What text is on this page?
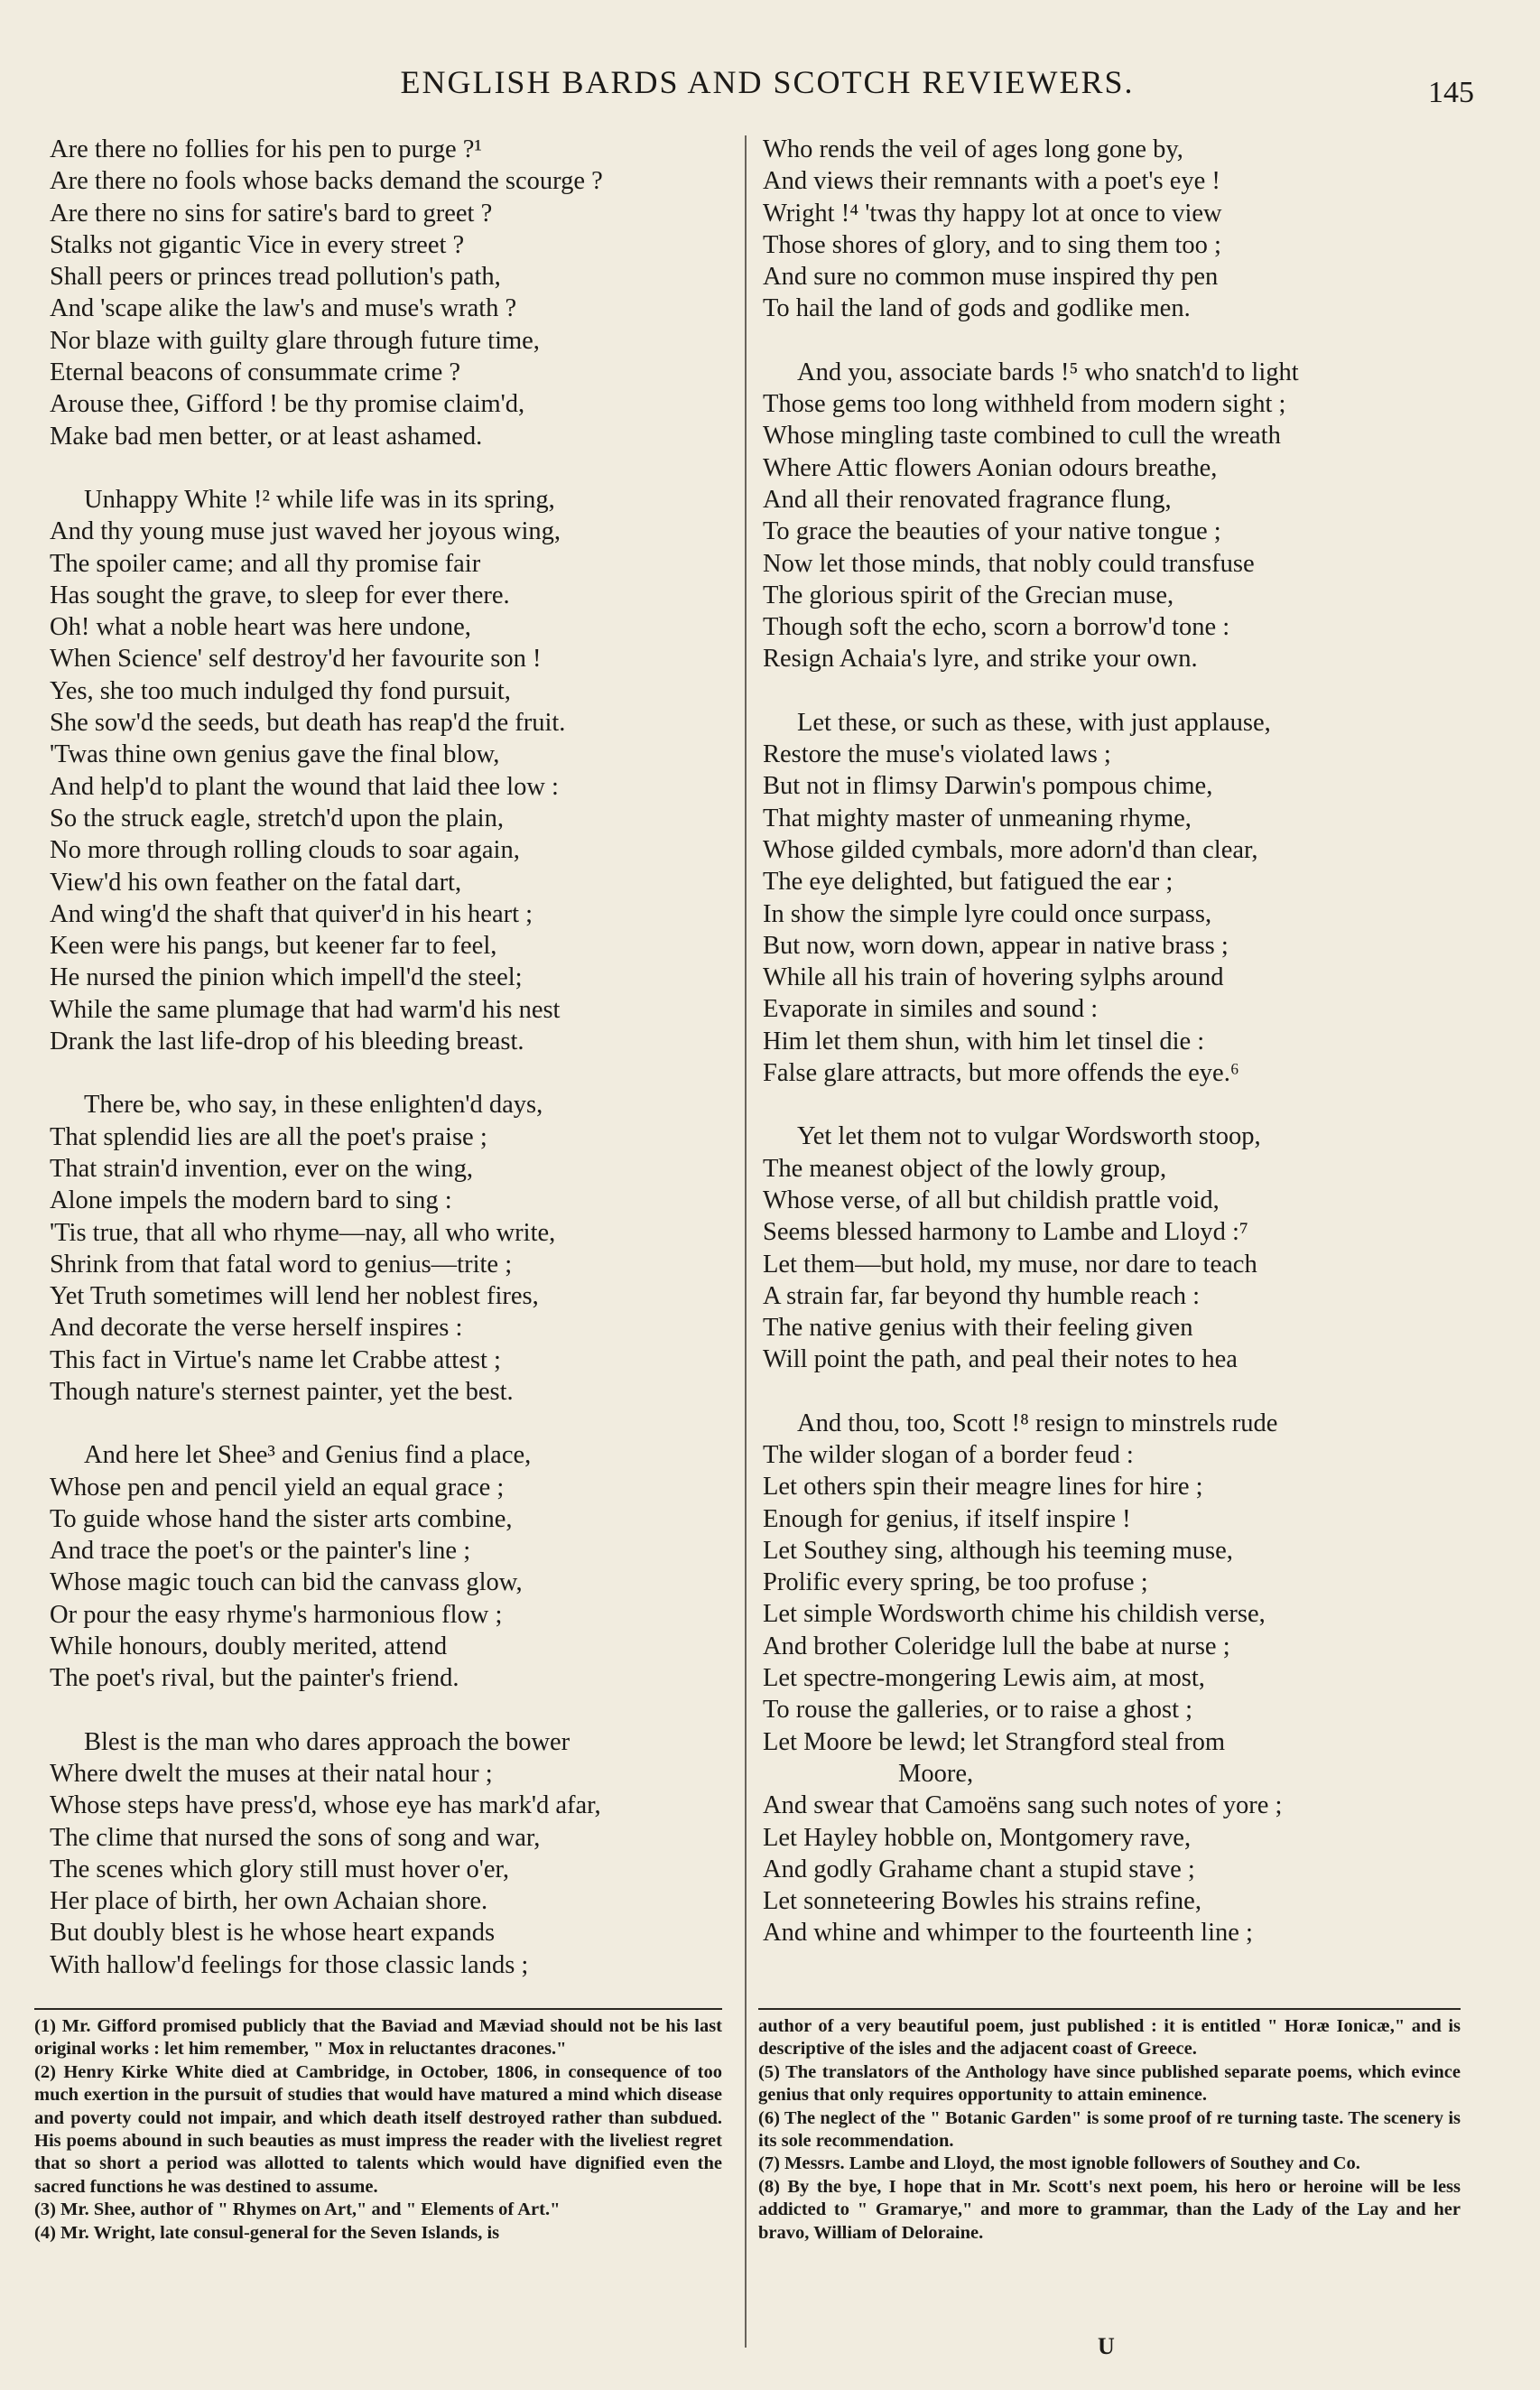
ENGLISH BARDS AND SCOTCH REVIEWERS.	145

Are there no follies for his pen to purge ?¹

Are there no fools whose backs demand the scourge ?

Are there no sins for satire's bard to greet ?

Stalks not gigantic Vice in every street ?

Shall peers or princes tread pollution's path,

And 'scape alike the law's and muse's wrath ?

Nor blaze with guilty glare through future time,

Eternal beacons of consummate crime ?

Arouse thee, Gifford ! be thy promise claim'd,

Make bad men better, or at least ashamed.

Unhappy White !² while life was in its spring,

And thy young muse just waved her joyous wing,

The spoiler came; and all thy promise fair

Has sought the grave, to sleep for ever there.

Oh! what a noble heart was here undone,

When Science' self destroy'd her favourite son !

Yes, she too much indulged thy fond pursuit,

She sow'd the seeds, but death has reap'd the fruit.

'Twas thine own genius gave the final blow,

And help'd to plant the wound that laid thee low :

So the struck eagle, stretch'd upon the plain,

No more through rolling clouds to soar again,

View'd his own feather on the fatal dart,

And wing'd the shaft that quiver'd in his heart ;

Keen were his pangs, but keener far to feel,

He nursed the pinion which impell'd the steel;

While the same plumage that had warm'd his nest

Drank the last life-drop of his bleeding breast.

There be, who say, in these enlighten'd days,

That splendid lies are all the poet's praise ;

That strain'd invention, ever on the wing,

Alone impels the modern bard to sing :

'Tis true, that all who rhyme—nay, all who write,

Shrink from that fatal word to genius—trite ;

Yet Truth sometimes will lend her noblest fires,

And decorate the verse herself inspires :

This fact in Virtue's name let Crabbe attest ;

Though nature's sternest painter, yet the best.

And here let Shee³ and Genius find a place,

Whose pen and pencil yield an equal grace ;

To guide whose hand the sister arts combine,

And trace the poet's or the painter's line ;

Whose magic touch can bid the canvass glow,

Or pour the easy rhyme's harmonious flow ;

While honours, doubly merited, attend

The poet's rival, but the painter's friend.

Blest is the man who dares approach the bower

Where dwelt the muses at their natal hour ;

Whose steps have press'd, whose eye has mark'd afar,

The clime that nursed the sons of song and war,

The scenes which glory still must hover o'er,

Her place of birth, her own Achaian shore.

But doubly blest is he whose heart expands

With hallow'd feelings for those classic lands ;

Who rends the veil of ages long gone by,

And views their remnants with a poet's eye !

Wright !⁴ 'twas thy happy lot at once to view

Those shores of glory, and to sing them too ;

And sure no common muse inspired thy pen

To hail the land of gods and godlike men.

And you, associate bards !⁵ who snatch'd to light

Those gems too long withheld from modern sight ;

Whose mingling taste combined to cull the wreath

Where Attic flowers Aonian odours breathe,

And all their renovated fragrance flung,

To grace the beauties of your native tongue ;

Now let those minds, that nobly could transfuse

The glorious spirit of the Grecian muse,

Though soft the echo, scorn a borrow'd tone :

Resign Achaia's lyre, and strike your own.

Let these, or such as these, with just applause,

Restore the muse's violated laws ;

But not in flimsy Darwin's pompous chime,

That mighty master of unmeaning rhyme,

Whose gilded cymbals, more adorn'd than clear,

The eye delighted, but fatigued the ear ;

In show the simple lyre could once surpass,

But now, worn down, appear in native brass ;

While all his train of hovering sylphs around

Evaporate in similes and sound :

Him let them shun, with him let tinsel die :

False glare attracts, but more offends the eye.⁶

Yet let them not to vulgar Wordsworth stoop,

The meanest object of the lowly group,

Whose verse, of all but childish prattle void,

Seems blessed harmony to Lambe and Lloyd :⁷

Let them—but hold, my muse, nor dare to teach

A strain far, far beyond thy humble reach :

The native genius with their feeling given

Will point the path, and peal their notes to hea

And thou, too, Scott !⁸ resign to minstrels rude

The wilder slogan of a border feud :

Let others spin their meagre lines for hire ;

Enough for genius, if itself inspire !

Let Southey sing, although his teeming muse,

Prolific every spring, be too profuse ;

Let simple Wordsworth chime his childish verse,

And brother Coleridge lull the babe at nurse ;

Let spectre-mongering Lewis aim, at most,

To rouse the galleries, or to raise a ghost ;

Let Moore be lewd; let Strangford steal from

Moore,

And swear that Camoëns sang such notes of yore ;

Let Hayley hobble on, Montgomery rave,

And godly Grahame chant a stupid stave ;

Let sonneteering Bowles his strains refine,

And whine and whimper to the fourteenth line ;

(1) Mr. Gifford promised publicly that the Baviad and Mæviad should not be his last original works : let him remember, " Mox in reluctantes dracones."

(2) Henry Kirke White died at Cambridge, in October, 1806, in consequence of too much exertion in the pursuit of studies that would have matured a mind which disease and poverty could not impair, and which death itself destroyed rather than subdued. His poems abound in such beauties as must impress the reader with the liveliest regret that so short a period was allotted to talents which would have dignified even the sacred functions he was destined to assume.

(3) Mr. Shee, author of " Rhymes on Art," and " Elements of Art."

(4) Mr. Wright, late consul-general for the Seven Islands, is

author of a very beautiful poem, just published : it is entitled " Horæ Ionicæ," and is descriptive of the isles and the adjacent coast of Greece.

(5) The translators of the Anthology have since published separate poems, which evince genius that only requires opportunity to attain eminence.

(6) The neglect of the " Botanic Garden" is some proof of re turning taste. The scenery is its sole recommendation.

(7) Messrs. Lambe and Lloyd, the most ignoble followers of Southey and Co.

(8) By the bye, I hope that in Mr. Scott's next poem, his hero or heroine will be less addicted to " Gramarye," and more to grammar, than the Lady of the Lay and her bravo, William of Deloraine.

U
